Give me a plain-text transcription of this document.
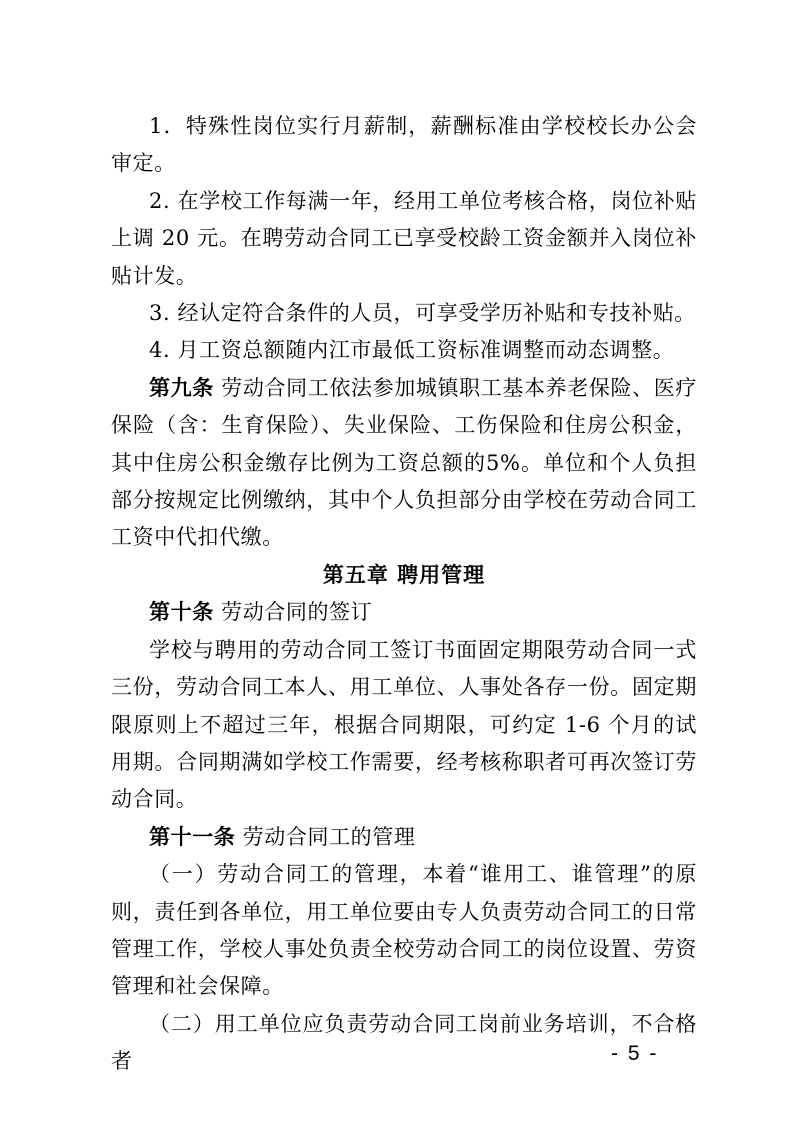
1．特殊性岗位实行月薪制，薪酬标准由学校校长办公会审定。

2. 在学校工作每满一年，经用工单位考核合格，岗位补贴上调 20 元。在聘劳动合同工已享受校龄工资金额并入岗位补贴计发。

3. 经认定符合条件的人员，可享受学历补贴和专技补贴。

4. 月工资总额随内江市最低工资标准调整而动态调整。

第九条 劳动合同工依法参加城镇职工基本养老保险、医疗保险（含：生育保险）、失业保险、工伤保险和住房公积金，其中住房公积金缴存比例为工资总额的5%。单位和个人负担部分按规定比例缴纳，其中个人负担部分由学校在劳动合同工工资中代扣代缴。

第五章 聘用管理

第十条 劳动合同的签订

学校与聘用的劳动合同工签订书面固定期限劳动合同一式三份，劳动合同工本人、用工单位、人事处各存一份。固定期限原则上不超过三年，根据合同期限，可约定 1-6 个月的试用期。合同期满如学校工作需要，经考核称职者可再次签订劳动合同。

第十一条 劳动合同工的管理

（一）劳动合同工的管理，本着“谁用工、谁管理”的原则，责任到各单位，用工单位要由专人负责劳动合同工的日常管理工作，学校人事处负责全校劳动合同工的岗位设置、劳资管理和社会保障。

（二）用工单位应负责劳动合同工岗前业务培训，不合格者	- 5 -
